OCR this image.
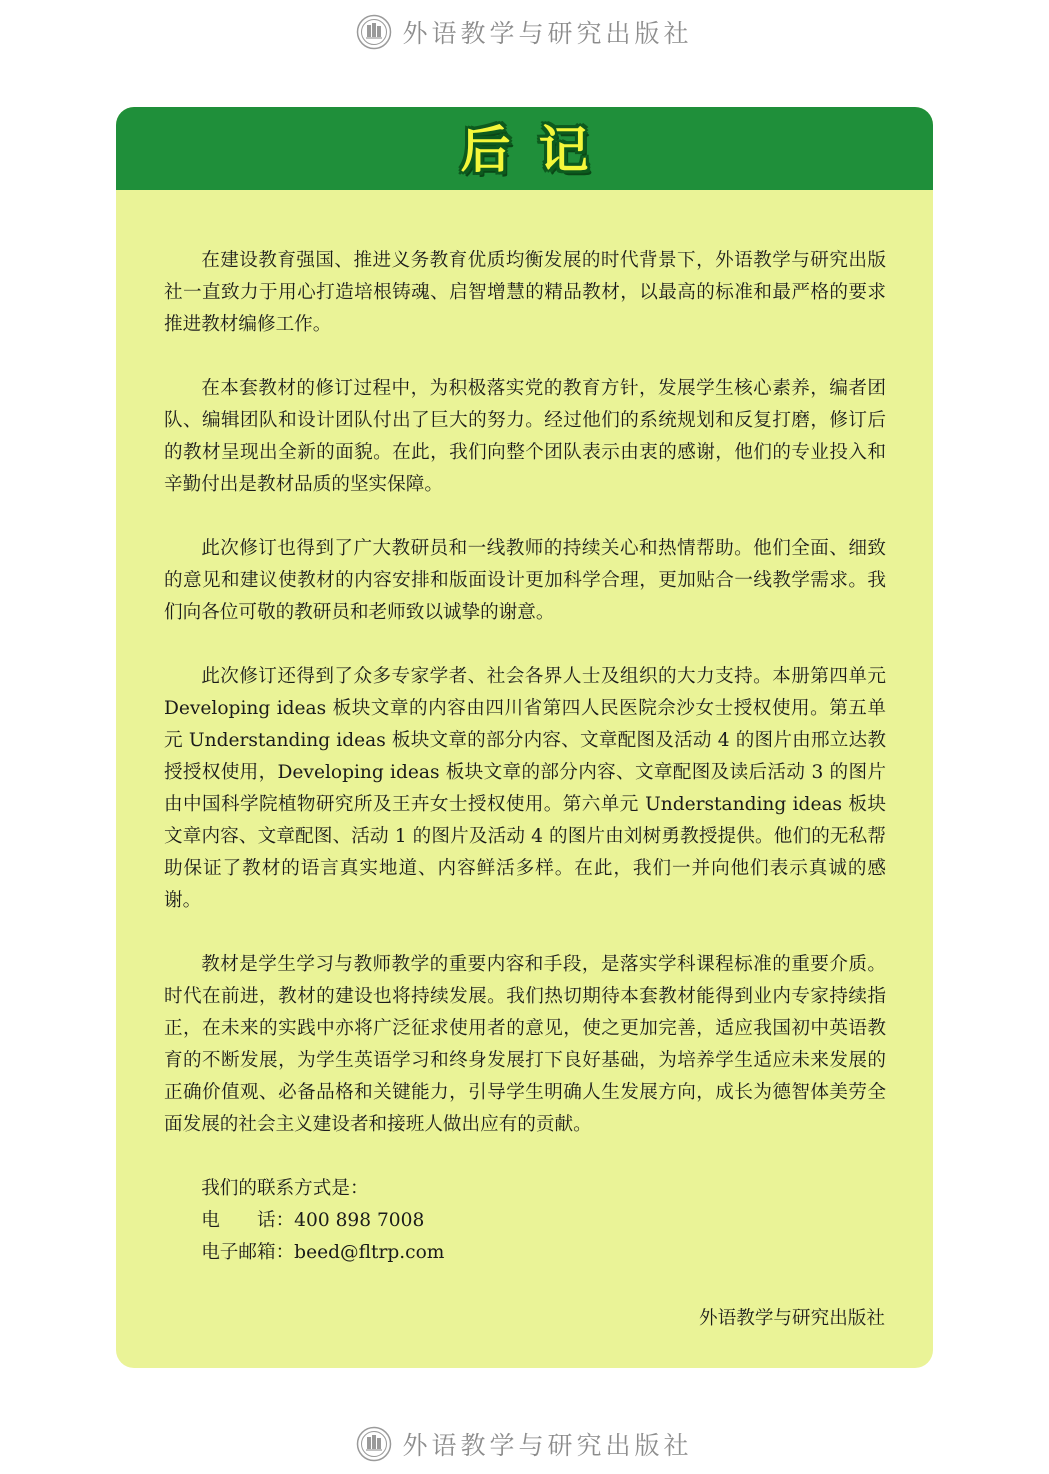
外语教学与研究出版社
后 记

在建设教育强国、推进义务教育优质均衡发展的时代背景下，外语教学与研究出版社一直致力于用心打造培根铸魂、启智增慧的精品教材，以最高的标准和最严格的要求推进教材编修工作。

在本套教材的修订过程中，为积极落实党的教育方针，发展学生核心素养，编者团队、编辑团队和设计团队付出了巨大的努力。经过他们的系统规划和反复打磨，修订后的教材呈现出全新的面貌。在此，我们向整个团队表示由衷的感谢，他们的专业投入和辛勤付出是教材品质的坚实保障。

此次修订也得到了广大教研员和一线教师的持续关心和热情帮助。他们全面、细致的意见和建议使教材的内容安排和版面设计更加科学合理，更加贴合一线教学需求。我们向各位可敬的教研员和老师致以诚挚的谢意。

此次修订还得到了众多专家学者、社会各界人士及组织的大力支持。本册第四单元 Developing ideas 板块文章的内容由四川省第四人民医院佘沙女士授权使用。第五单元 Understanding ideas 板块文章的部分内容、文章配图及活动 4 的图片由邢立达教授授权使用，Developing ideas 板块文章的部分内容、文章配图及读后活动 3 的图片由中国科学院植物研究所及王卉女士授权使用。第六单元 Understanding ideas 板块文章内容、文章配图、活动 1 的图片及活动 4 的图片由刘树勇教授提供。他们的无私帮助保证了教材的语言真实地道、内容鲜活多样。在此，我们一并向他们表示真诚的感谢。

教材是学生学习与教师教学的重要内容和手段，是落实学科课程标准的重要介质。时代在前进，教材的建设也将持续发展。我们热切期待本套教材能得到业内专家持续指正，在未来的实践中亦将广泛征求使用者的意见，使之更加完善，适应我国初中英语教育的不断发展，为学生英语学习和终身发展打下良好基础，为培养学生适应未来发展的正确价值观、必备品格和关键能力，引导学生明确人生发展方向，成长为德智体美劳全面发展的社会主义建设者和接班人做出应有的贡献。

我们的联系方式是：
电　　话：400 898 7008
电子邮箱：beed@fltrp.com
外语教学与研究出版社
外语教学与研究出版社
